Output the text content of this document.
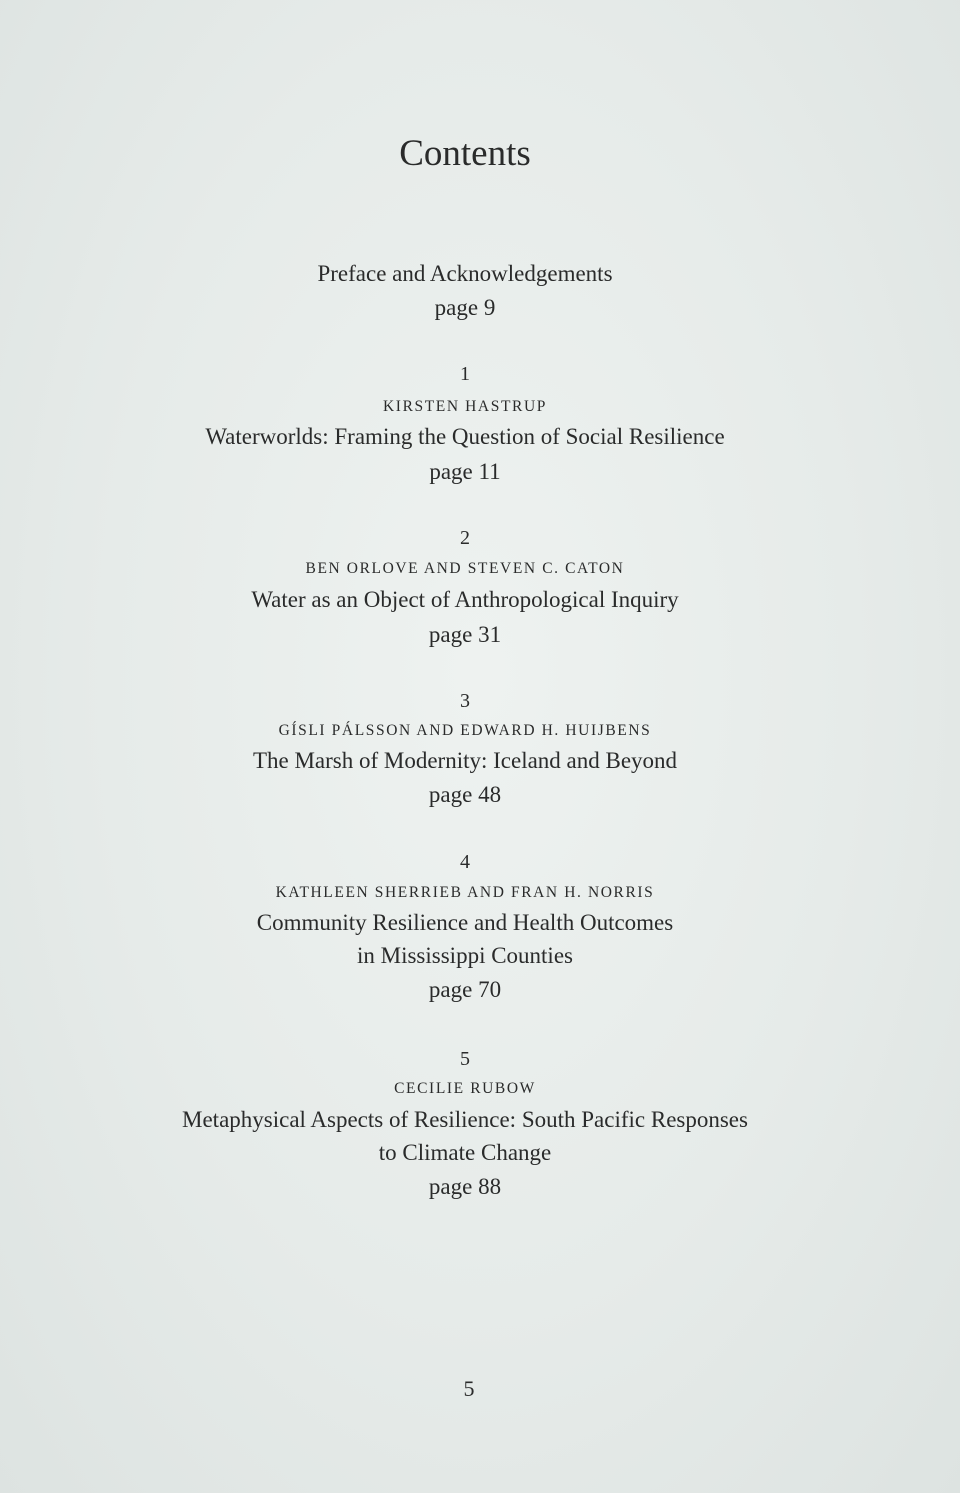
Contents
Preface and Acknowledgements
page 9
1
KIRSTEN HASTRUP
Waterworlds: Framing the Question of Social Resilience
page 11
2
BEN ORLOVE AND STEVEN C. CATON
Water as an Object of Anthropological Inquiry
page 31
3
GÍSLI PÁLSSON AND EDWARD H. HUIJBENS
The Marsh of Modernity: Iceland and Beyond
page 48
4
KATHLEEN SHERRIEB AND FRAN H. NORRIS
Community Resilience and Health Outcomes
in Mississippi Counties
page 70
5
CECILIE RUBOW
Metaphysical Aspects of Resilience: South Pacific Responses
to Climate Change
page 88
5
